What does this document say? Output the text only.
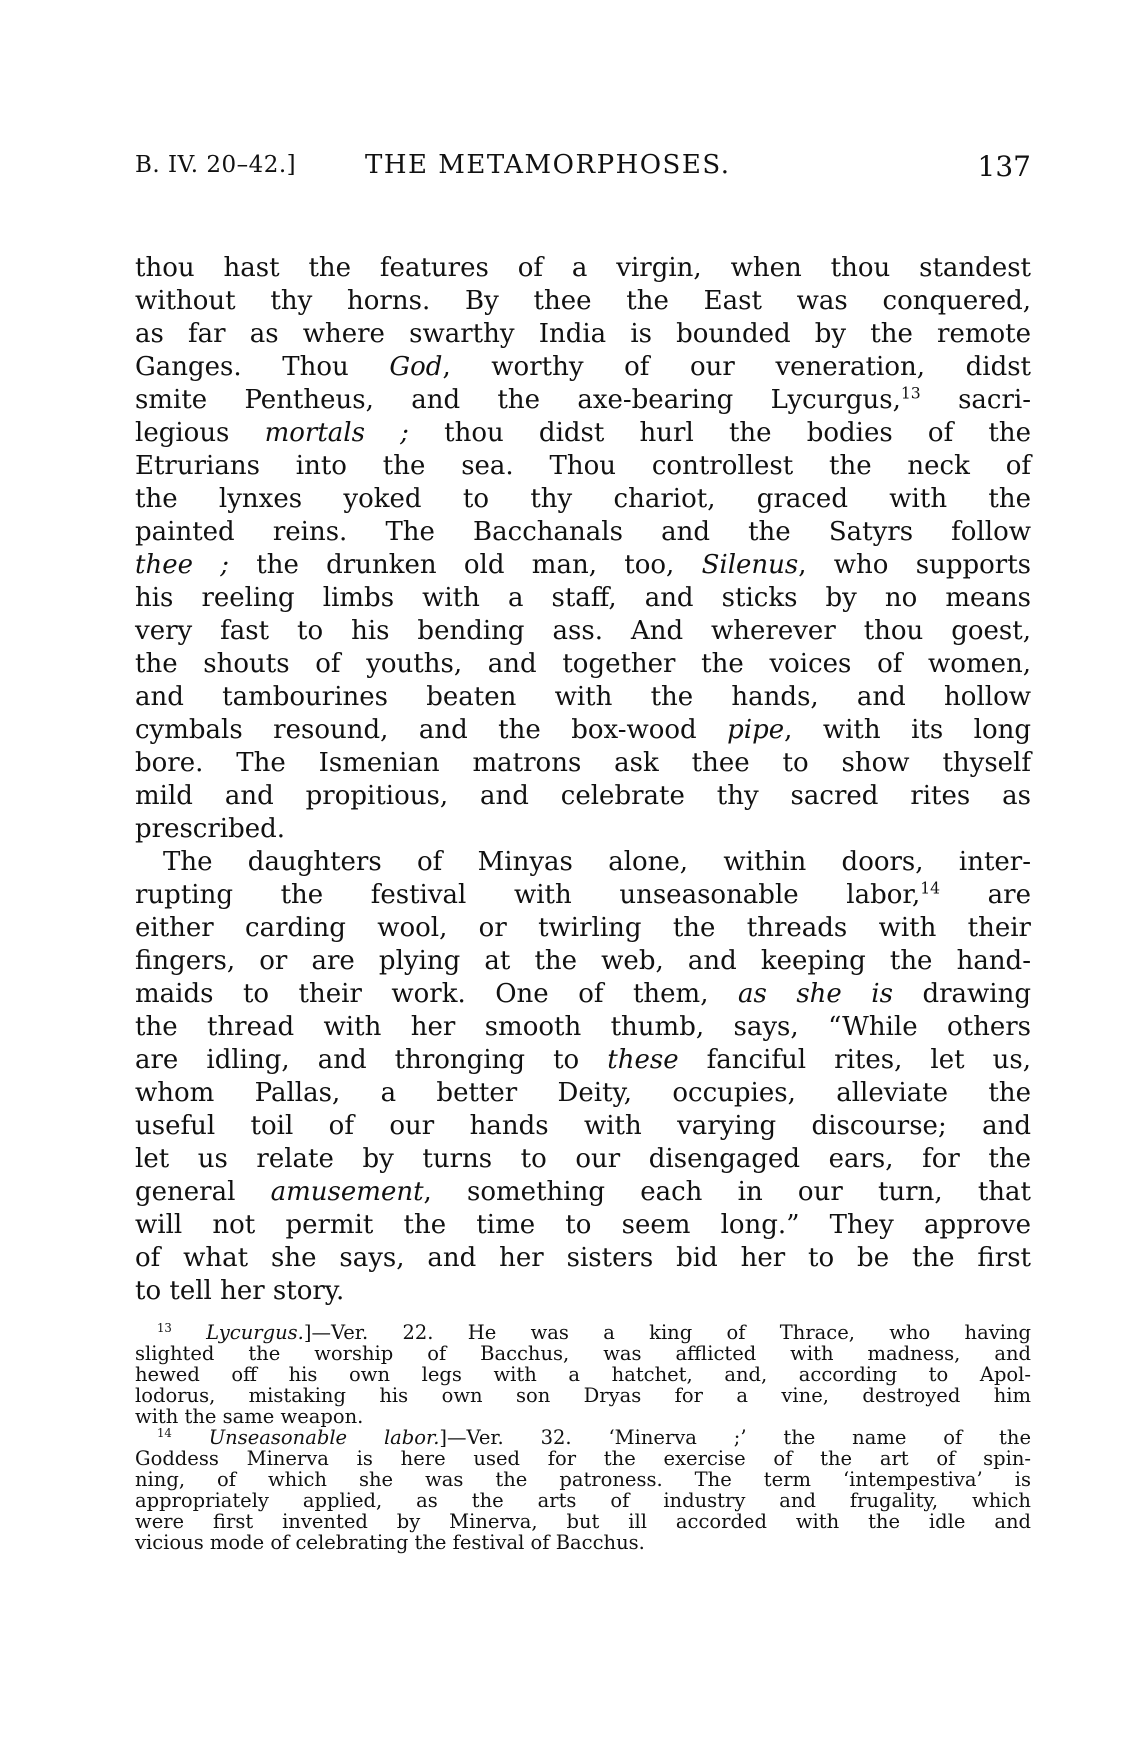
B. IV. 20–42.]	THE METAMORPHOSES.	137
thou hast the features of a virgin, when thou standest
without thy horns. By thee the East was conquered,
as far as where swarthy India is bounded by the remote
Ganges. Thou God, worthy of our veneration, didst
smite Pentheus, and the axe-bearing Lycurgus,$^{13}$ sacri-
legious mortals ; thou didst hurl the bodies of the
Etrurians into the sea. Thou controllest the neck of
the lynxes yoked to thy chariot, graced with the
painted reins. The Bacchanals and the Satyrs follow
thee ; the drunken old man, too, Silenus, who supports
his reeling limbs with a staff, and sticks by no means
very fast to his bending ass. And wherever thou goest,
the shouts of youths, and together the voices of women,
and tambourines beaten with the hands, and hollow
cymbals resound, and the box-wood pipe, with its long
bore. The Ismenian matrons ask thee to show thyself
mild and propitious, and celebrate thy sacred rites as
prescribed.
The daughters of Minyas alone, within doors, inter-
rupting the festival with unseasonable labor,$^{14}$ are
either carding wool, or twirling the threads with their
fingers, or are plying at the web, and keeping the hand-
maids to their work. One of them, as she is drawing
the thread with her smooth thumb, says, “While others
are idling, and thronging to these fanciful rites, let us,
whom Pallas, a better Deity, occupies, alleviate the
useful toil of our hands with varying discourse; and
let us relate by turns to our disengaged ears, for the
general amusement, something each in our turn, that
will not permit the time to seem long.” They approve
of what she says, and her sisters bid her to be the first
to tell her story.
$^{13}$ Lycurgus.]—Ver. 22. He was a king of Thrace, who having
slighted the worship of Bacchus, was afflicted with madness, and
hewed off his own legs with a hatchet, and, according to Apol-
lodorus, mistaking his own son Dryas for a vine, destroyed him
with the same weapon.
$^{14}$ Unseasonable labor.]—Ver. 32. ‘Minerva ;’ the name of the
Goddess Minerva is here used for the exercise of the art of spin-
ning, of which she was the patroness. The term ‘intempestiva’ is
appropriately applied, as the arts of industry and frugality, which
were first invented by Minerva, but ill accorded with the idle and
vicious mode of celebrating the festival of Bacchus.
